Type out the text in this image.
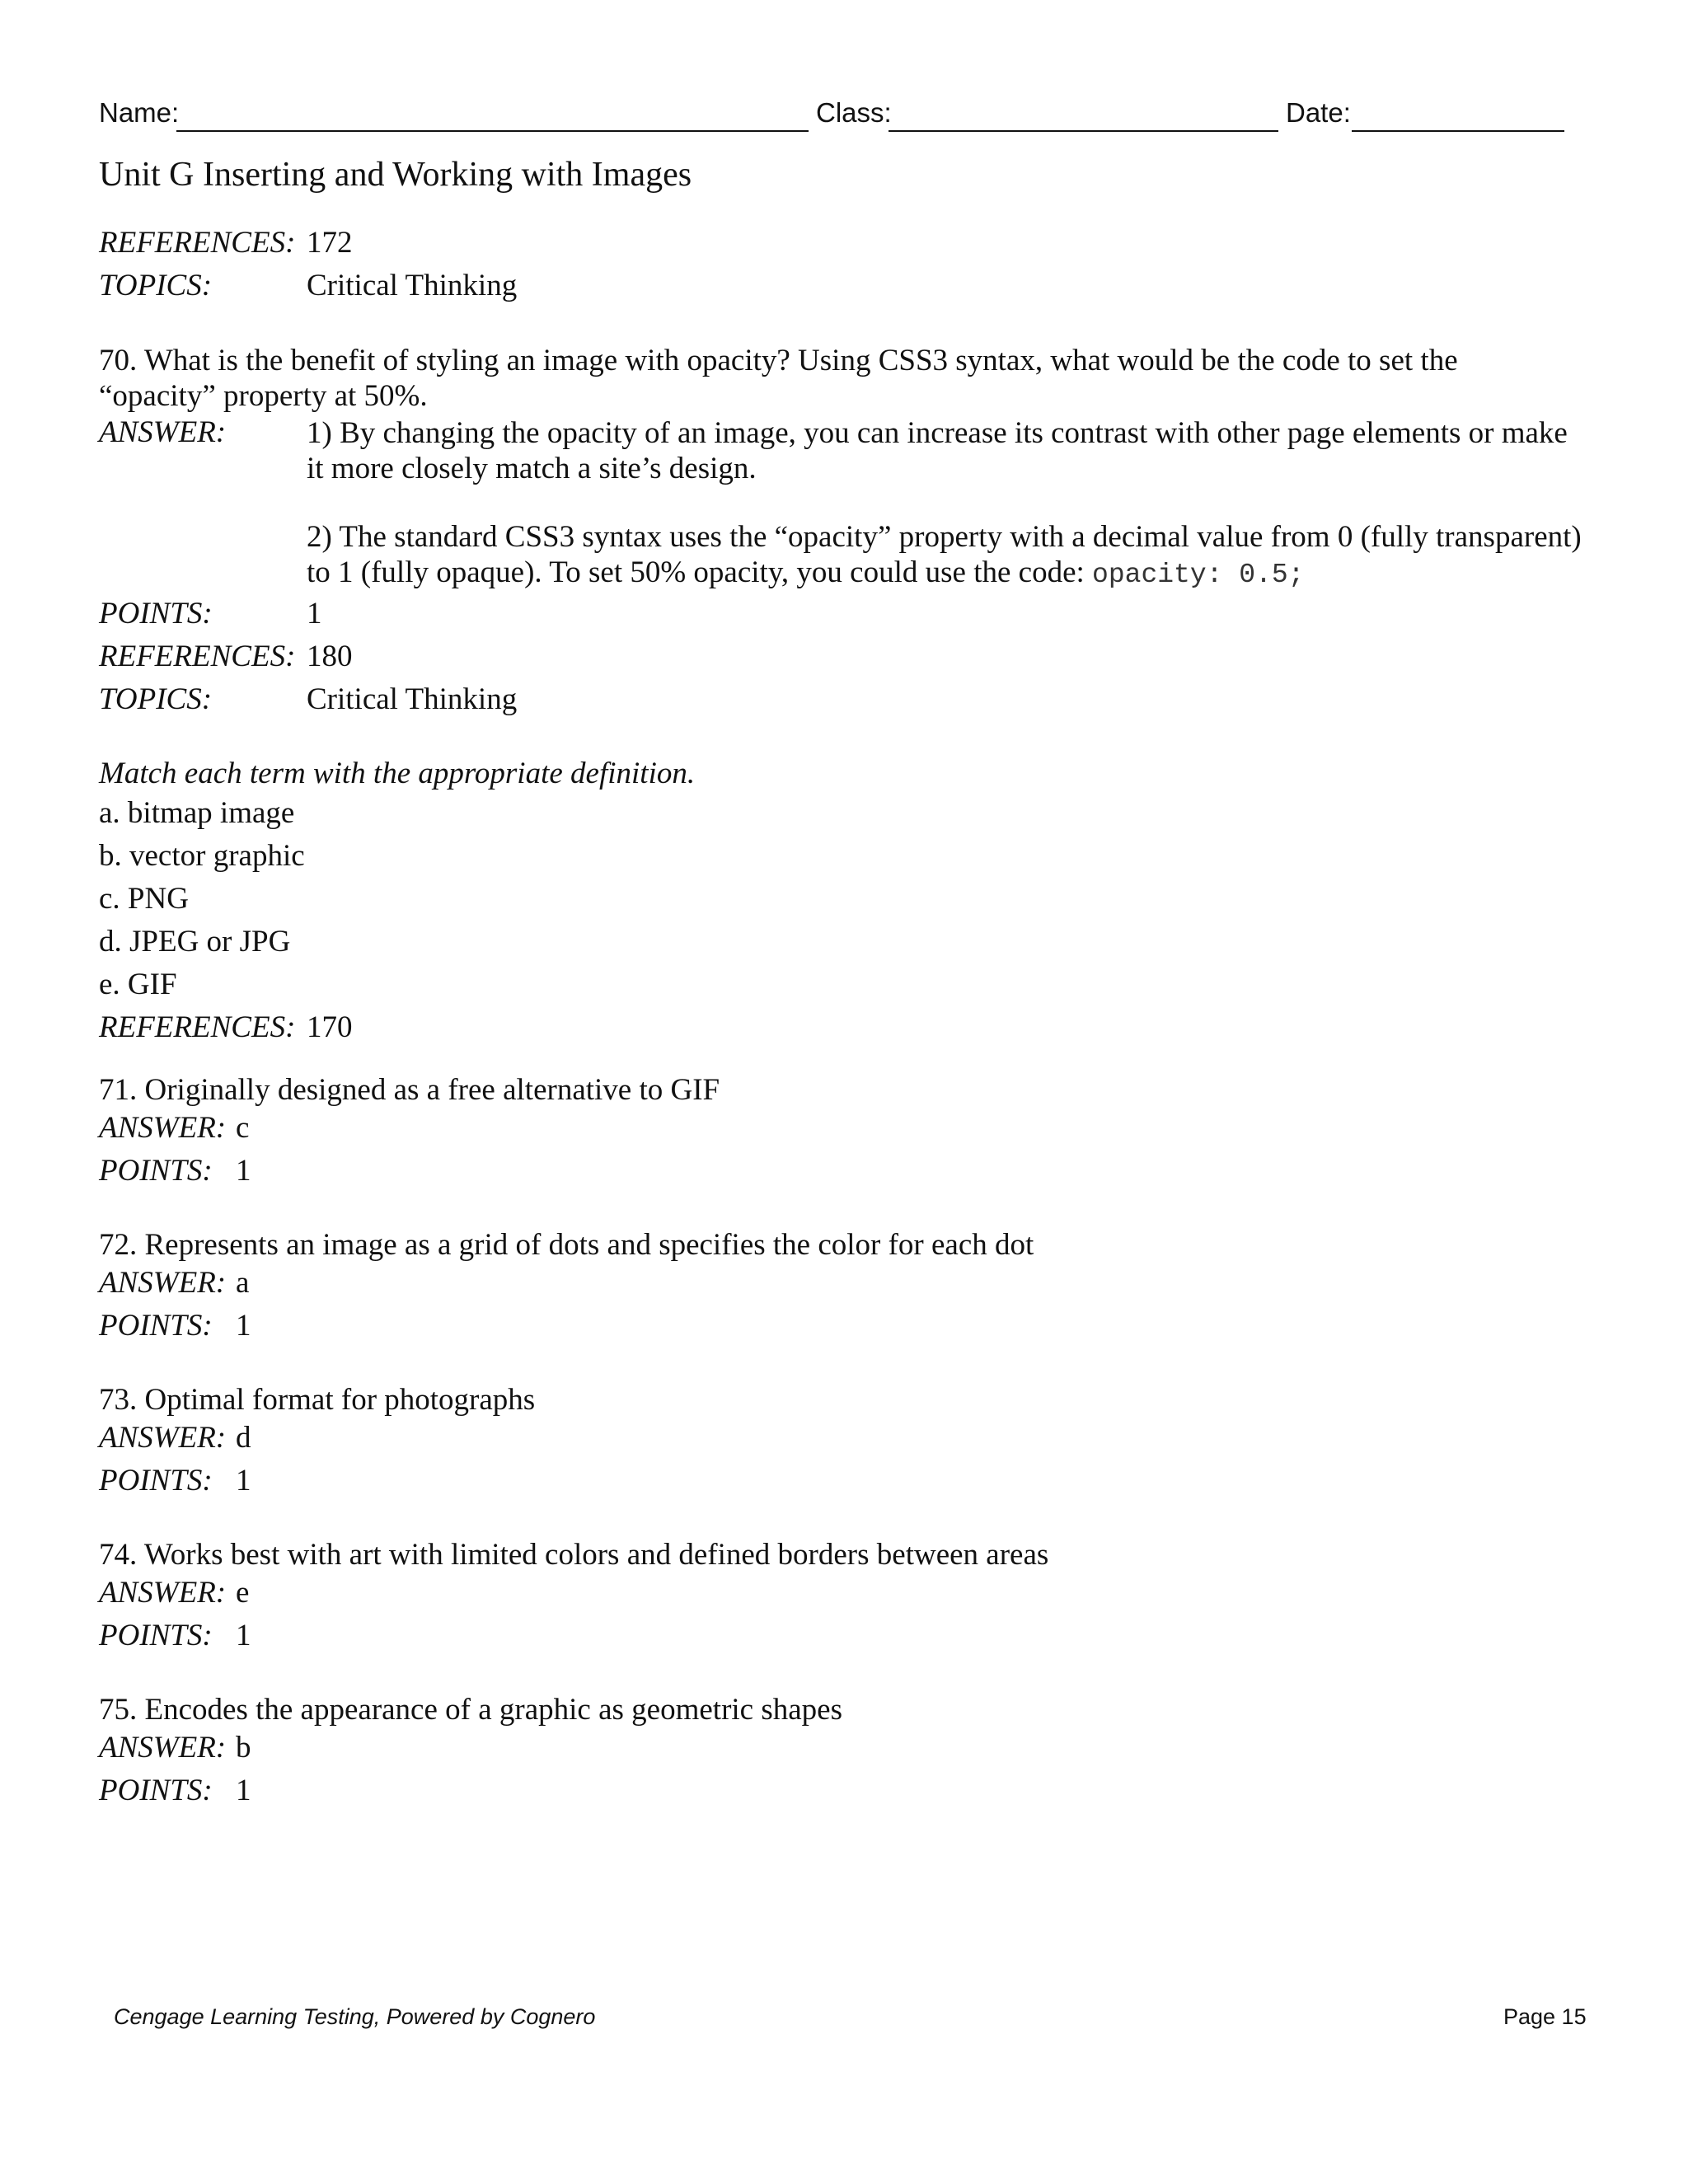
Name:	Class:	Date:
Unit G Inserting and Working with Images
REFERENCES: 172
TOPICS:	Critical Thinking
70. What is the benefit of styling an image with opacity? Using CSS3 syntax, what would be the code to set the “opacity” property at 50%.
ANSWER:	1) By changing the opacity of an image, you can increase its contrast with other page elements or make it more closely match a site’s design.
2) The standard CSS3 syntax uses the “opacity” property with a decimal value from 0 (fully transparent) to 1 (fully opaque). To set 50% opacity, you could use the code: opacity: 0.5;
POINTS:	1
REFERENCES: 180
TOPICS:	Critical Thinking
Match each term with the appropriate definition.
a. bitmap image
b. vector graphic
c. PNG
d. JPEG or JPG
e. GIF
REFERENCES: 170
71. Originally designed as a free alternative to GIF
ANSWER: c
POINTS: 1
72. Represents an image as a grid of dots and specifies the color for each dot
ANSWER: a
POINTS: 1
73. Optimal format for photographs
ANSWER: d
POINTS: 1
74. Works best with art with limited colors and defined borders between areas
ANSWER: e
POINTS: 1
75. Encodes the appearance of a graphic as geometric shapes
ANSWER: b
POINTS: 1
Cengage Learning Testing, Powered by Cognero	Page 15
